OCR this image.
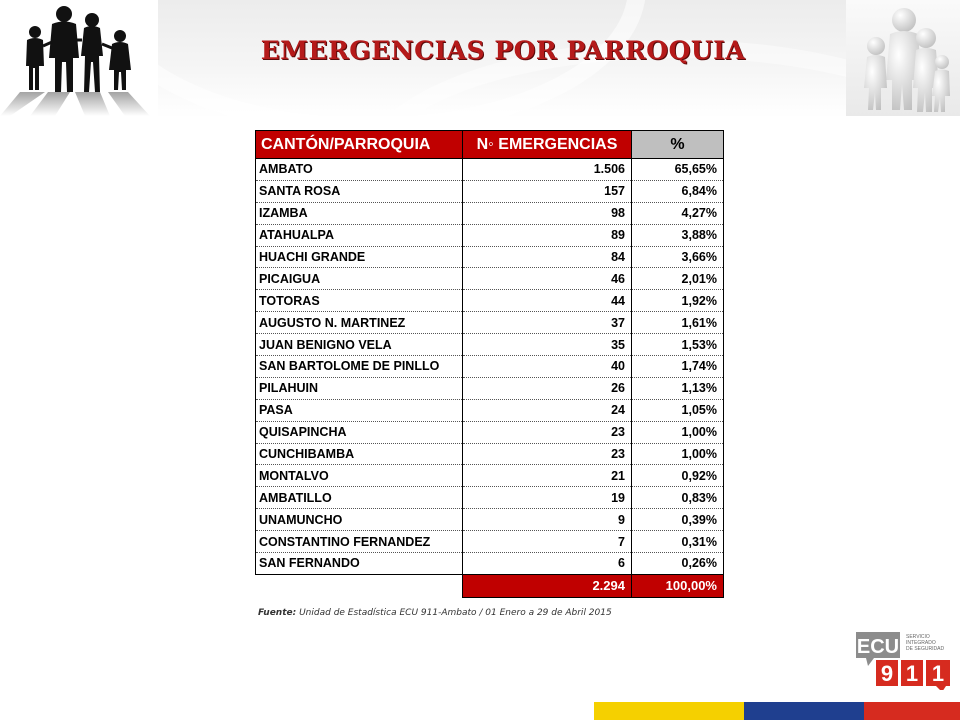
EMERGENCIAS POR PARROQUIA
CANTÓN/PARROQUIA	N◦ EMERGENCIAS	%
AMBATO	1.506	65,65%
SANTA ROSA	157	6,84%
IZAMBA	98	4,27%
ATAHUALPA	89	3,88%
HUACHI GRANDE	84	3,66%
PICAIGUA	46	2,01%
TOTORAS	44	1,92%
AUGUSTO N. MARTINEZ	37	1,61%
JUAN BENIGNO VELA	35	1,53%
SAN BARTOLOME DE PINLLO	40	1,74%
PILAHUIN	26	1,13%
PASA	24	1,05%
QUISAPINCHA	23	1,00%
CUNCHIBAMBA	23	1,00%
MONTALVO	21	0,92%
AMBATILLO	19	0,83%
UNAMUNCHO	9	0,39%
CONSTANTINO FERNANDEZ	7	0,31%
SAN FERNANDO	6	0,26%
	2.294	100,00%
Fuente: Unidad de Estadística ECU 911-Ambato / 01 Enero a 29 de Abril 2015
ECU
9 1 1
SERVICIO
INTEGRADO
DE SEGURIDAD
